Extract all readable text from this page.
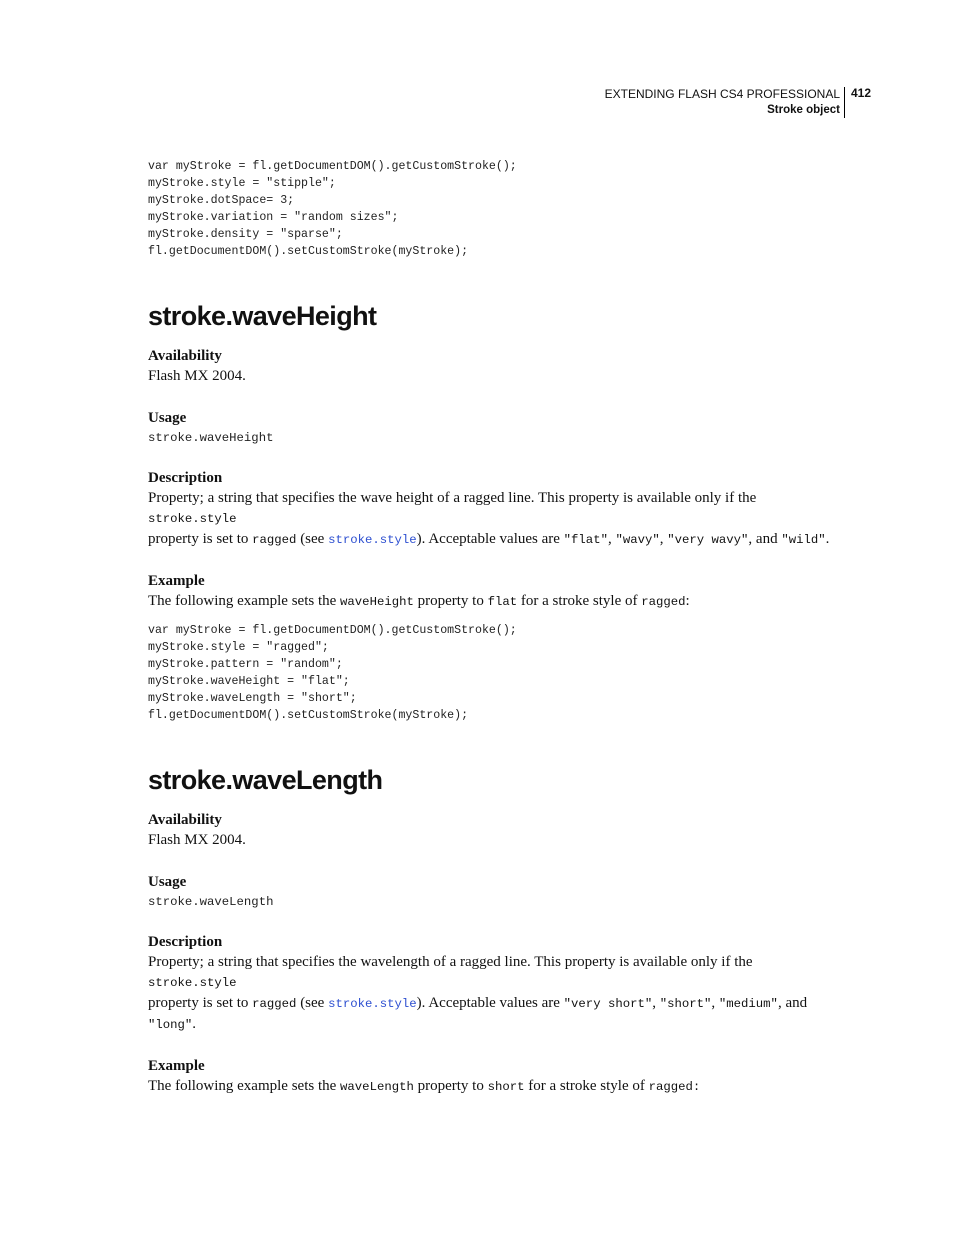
EXTENDING FLASH CS4 PROFESSIONAL
Stroke object
412
var myStroke = fl.getDocumentDOM().getCustomStroke();
myStroke.style = "stipple";
myStroke.dotSpace= 3;
myStroke.variation = "random sizes";
myStroke.density = "sparse";
fl.getDocumentDOM().setCustomStroke(myStroke);
stroke.waveHeight

Availability

Flash MX 2004.

Usage

stroke.waveHeight

Description

Property; a string that specifies the wave height of a ragged line. This property is available only if the stroke.style
property is set to ragged (see stroke.style). Acceptable values are "flat", "wavy", "very wavy", and "wild".

Example

The following example sets the waveHeight property to flat for a stroke style of ragged:

var myStroke = fl.getDocumentDOM().getCustomStroke();
myStroke.style = "ragged";
myStroke.pattern = "random";
myStroke.waveHeight = "flat";
myStroke.waveLength = "short";
fl.getDocumentDOM().setCustomStroke(myStroke);
stroke.waveLength

Availability

Flash MX 2004.

Usage

stroke.waveLength

Description

Property; a string that specifies the wavelength of a ragged line. This property is available only if the stroke.style
property is set to ragged (see stroke.style). Acceptable values are "very short", "short", "medium", and
"long".

Example

The following example sets the waveLength property to short for a stroke style of ragged:
